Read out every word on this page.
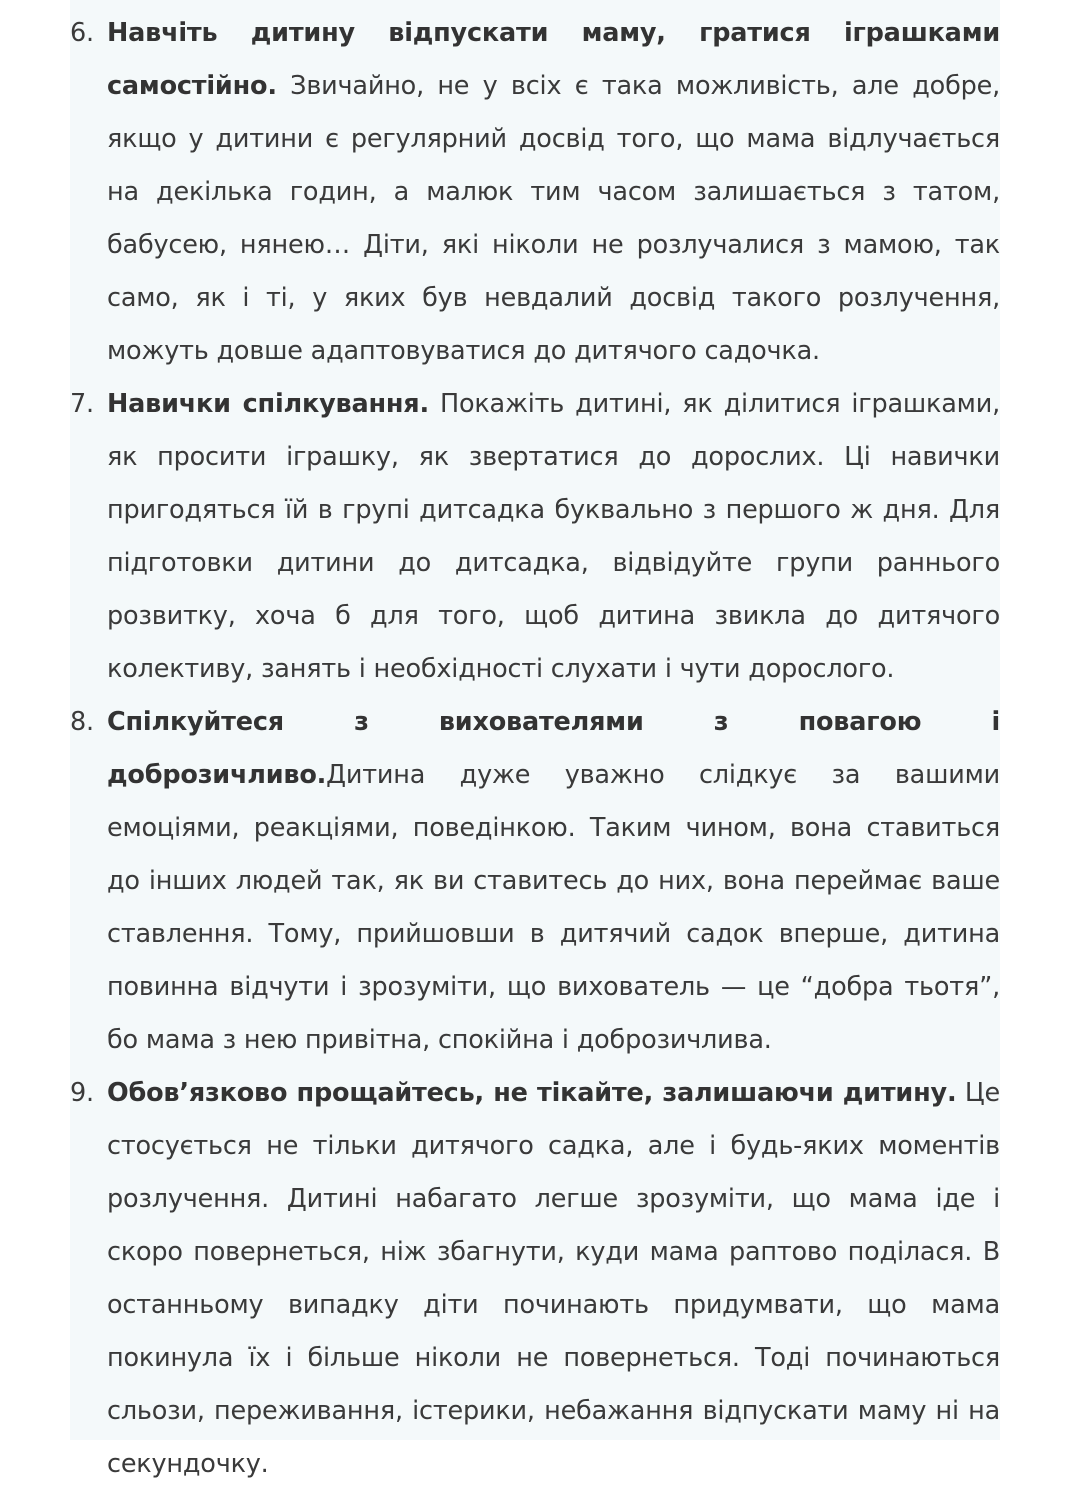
6. Навчіть дитину відпускати маму, гратися іграшками самостійно. Звичайно, не у всіх є така можливість, але добре, якщо у дитини є регулярний досвід того, що мама відлучається на декілька годин, а малюк тим часом залишається з татом, бабусею, нянею… Діти, які ніколи не розлучалися з мамою, так само, як і ті, у яких був невдалий досвід такого розлучення, можуть довше адаптовуватися до дитячого садочка.
7. Навички спілкування. Покажіть дитині, як ділитися іграшками, як просити іграшку, як звертатися до дорослих. Ці навички пригодяться їй в групі дитсадка буквально з першого ж дня. Для підготовки дитини до дитсадка, відвідуйте групи раннього розвитку, хоча б для того, щоб дитина звикла до дитячого колективу, занять і необхідності слухати і чути дорослого.
8. Спілкуйтеся з вихователями з повагою і доброзичливо.Дитина дуже уважно слідкує за вашими емоціями, реакціями, поведінкою. Таким чином, вона ставиться до інших людей так, як ви ставитесь до них, вона переймає ваше ставлення. Тому, прийшовши в дитячий садок вперше, дитина повинна відчути і зрозуміти, що вихователь — це “добра тьотя”, бо мама з нею привітна, спокійна і доброзичлива.
9. Обов’язково прощайтесь, не тікайте, залишаючи дитину. Це стосується не тільки дитячого садка, але і будь-яких моментів розлучення. Дитині набагато легше зрозуміти, що мама іде і скоро повернеться, ніж збагнути, куди мама раптово поділася. В останньому випадку діти починають придумвати, що мама покинула їх і більше ніколи не повернеться. Тоді починаються сльози, переживання, істерики, небажання відпускати маму ні на секундочку.
